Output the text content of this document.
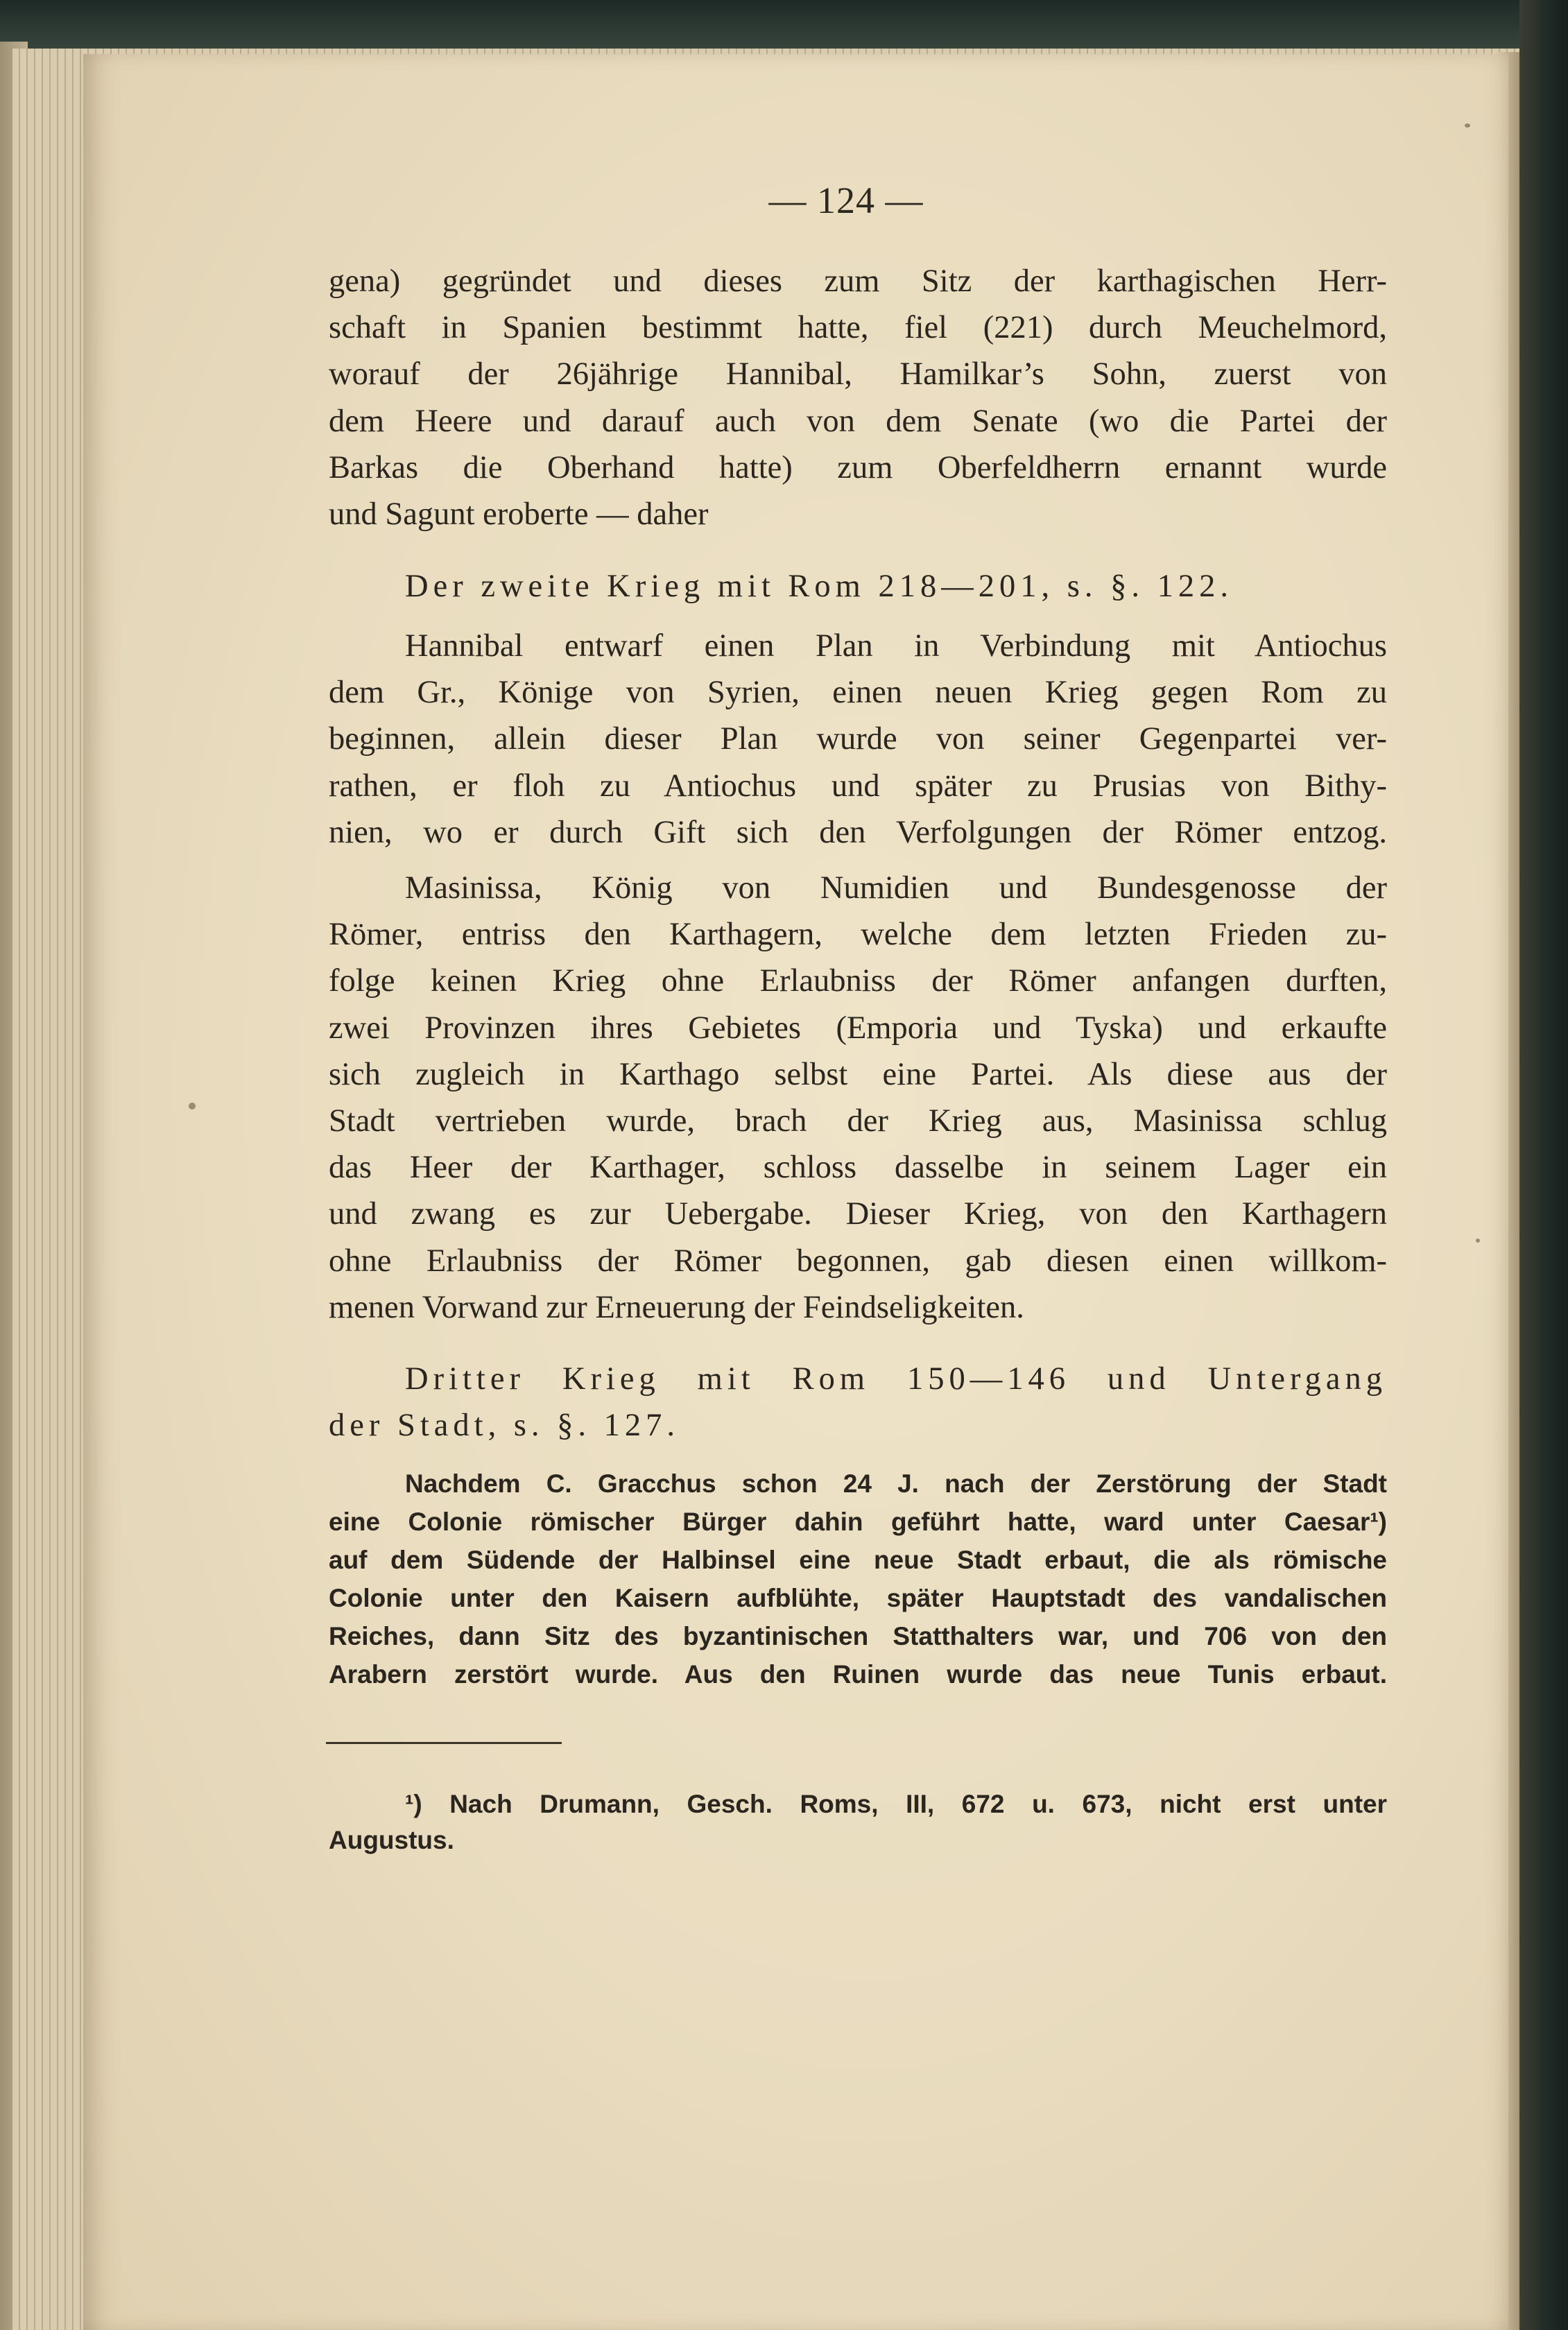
— 124 —
gena) gegründet und dieses zum Sitz der karthagischen Herr-
schaft in Spanien bestimmt hatte, fiel (221) durch Meuchelmord,
worauf der 26jährige Hannibal, Hamilkar’s Sohn, zuerst von
dem Heere und darauf auch von dem Senate (wo die Partei der
Barkas die Oberhand hatte) zum Oberfeldherrn ernannt wurde
und Sagunt eroberte — daher
Der zweite Krieg mit Rom 218—201, s. §. 122.
Hannibal entwarf einen Plan in Verbindung mit Antiochus
dem Gr., Könige von Syrien, einen neuen Krieg gegen Rom zu
beginnen, allein dieser Plan wurde von seiner Gegenpartei ver-
rathen, er floh zu Antiochus und später zu Prusias von Bithy-
nien, wo er durch Gift sich den Verfolgungen der Römer entzog.
Masinissa, König von Numidien und Bundesgenosse der
Römer, entriss den Karthagern, welche dem letzten Frieden zu-
folge keinen Krieg ohne Erlaubniss der Römer anfangen durften,
zwei Provinzen ihres Gebietes (Emporia und Tyska) und erkaufte
sich zugleich in Karthago selbst eine Partei. Als diese aus der
Stadt vertrieben wurde, brach der Krieg aus, Masinissa schlug
das Heer der Karthager, schloss dasselbe in seinem Lager ein
und zwang es zur Uebergabe. Dieser Krieg, von den Karthagern
ohne Erlaubniss der Römer begonnen, gab diesen einen willkom-
menen Vorwand zur Erneuerung der Feindseligkeiten.
Dritter Krieg mit Rom 150—146 und Untergang
der Stadt, s. §. 127.
Nachdem C. Gracchus schon 24 J. nach der Zerstörung der Stadt
eine Colonie römischer Bürger dahin geführt hatte, ward unter Caesar¹)
auf dem Südende der Halbinsel eine neue Stadt erbaut, die als römische
Colonie unter den Kaisern aufblühte, später Hauptstadt des vandalischen
Reiches, dann Sitz des byzantinischen Statthalters war, und 706 von den
Arabern zerstört wurde. Aus den Ruinen wurde das neue Tunis erbaut.
¹) Nach Drumann, Gesch. Roms, III, 672 u. 673, nicht erst unter
Augustus.
